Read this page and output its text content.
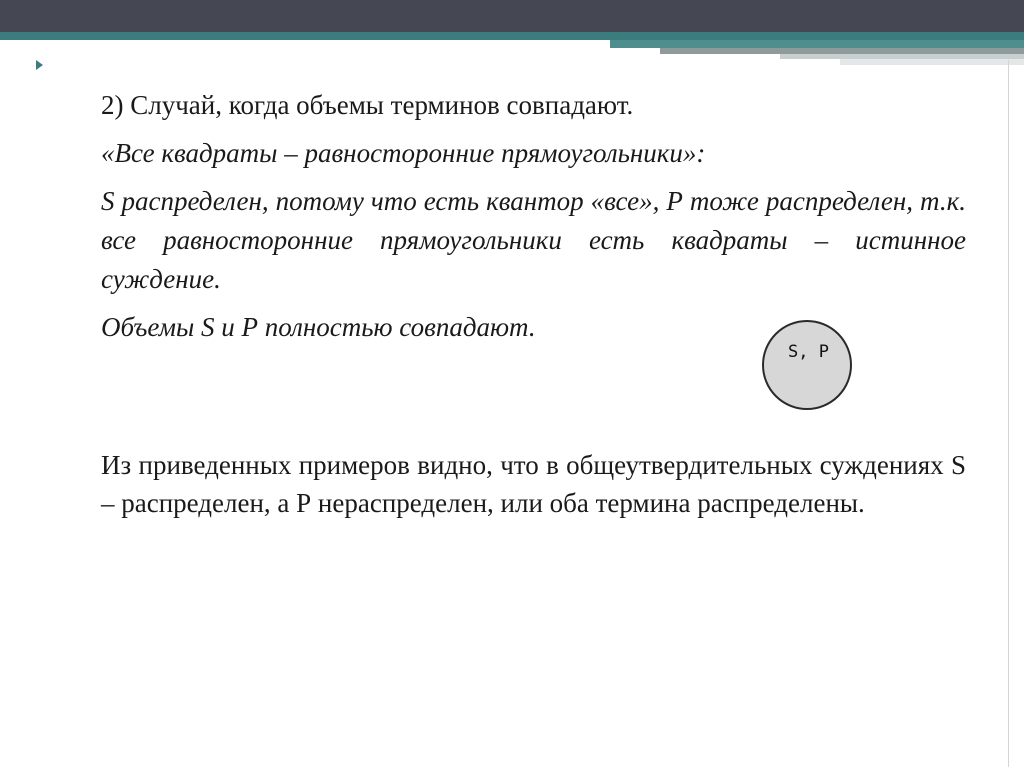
2) Случай, когда объемы терминов совпадают.

«Все квадраты – равносторонние прямоугольники»:

S распределен, потому что есть квантор «все», Р тоже распределен, т.к. все равносторонние прямоугольники есть квадраты – истинное суждение.

Объемы S и Р полностью совпадают.

S, P

Из приведенных примеров видно, что в общеутвердительных суждениях S – распределен, а Р нераспределен, или оба термина распределены.
